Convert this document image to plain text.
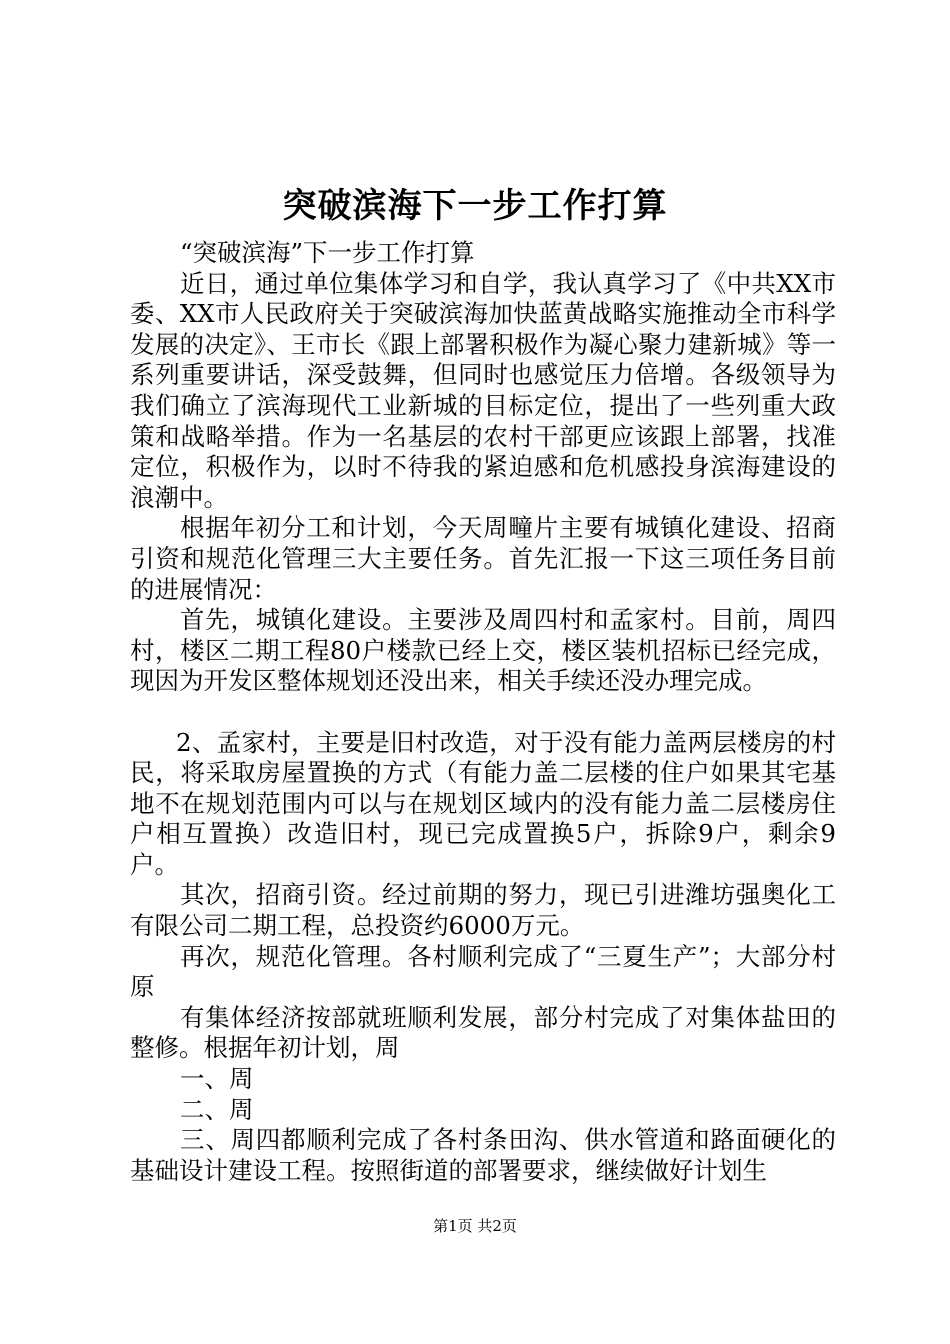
突破滨海下一步工作打算

“突破滨海”下一步工作打算

近日，通过单位集体学习和自学，我认真学习了《中共XX市委、XX市人民政府关于突破滨海加快蓝黄战略实施推动全市科学发展的决定》、王市长《跟上部署积极作为凝心聚力建新城》等一系列重要讲话，深受鼓舞，但同时也感觉压力倍增。各级领导为我们确立了滨海现代工业新城的目标定位，提出了一些列重大政策和战略举措。作为一名基层的农村干部更应该跟上部署，找准定位，积极作为，以时不待我的紧迫感和危机感投身滨海建设的浪潮中。

根据年初分工和计划，今天周疃片主要有城镇化建设、招商引资和规范化管理三大主要任务。首先汇报一下这三项任务目前的进展情况：

首先，城镇化建设。主要涉及周四村和孟家村。目前，周四村，楼区二期工程80户楼款已经上交，楼区装机招标已经完成，现因为开发区整体规划还没出来，相关手续还没办理完成。

2、孟家村，主要是旧村改造，对于没有能力盖两层楼房的村民，将采取房屋置换的方式（有能力盖二层楼的住户如果其宅基地不在规划范围内可以与在规划区域内的没有能力盖二层楼房住户相互置换）改造旧村，现已完成置换5户，拆除9户，剩余9户。

其次，招商引资。经过前期的努力，现已引进潍坊强奥化工有限公司二期工程，总投资约6000万元。

再次，规范化管理。各村顺利完成了“三夏生产”；大部分村原

有集体经济按部就班顺利发展，部分村完成了对集体盐田的整修。根据年初计划，周

一、周

二、周

三、周四都顺利完成了各村条田沟、供水管道和路面硬化的基础设计建设工程。按照街道的部署要求，继续做好计划生

第1页 共2页
